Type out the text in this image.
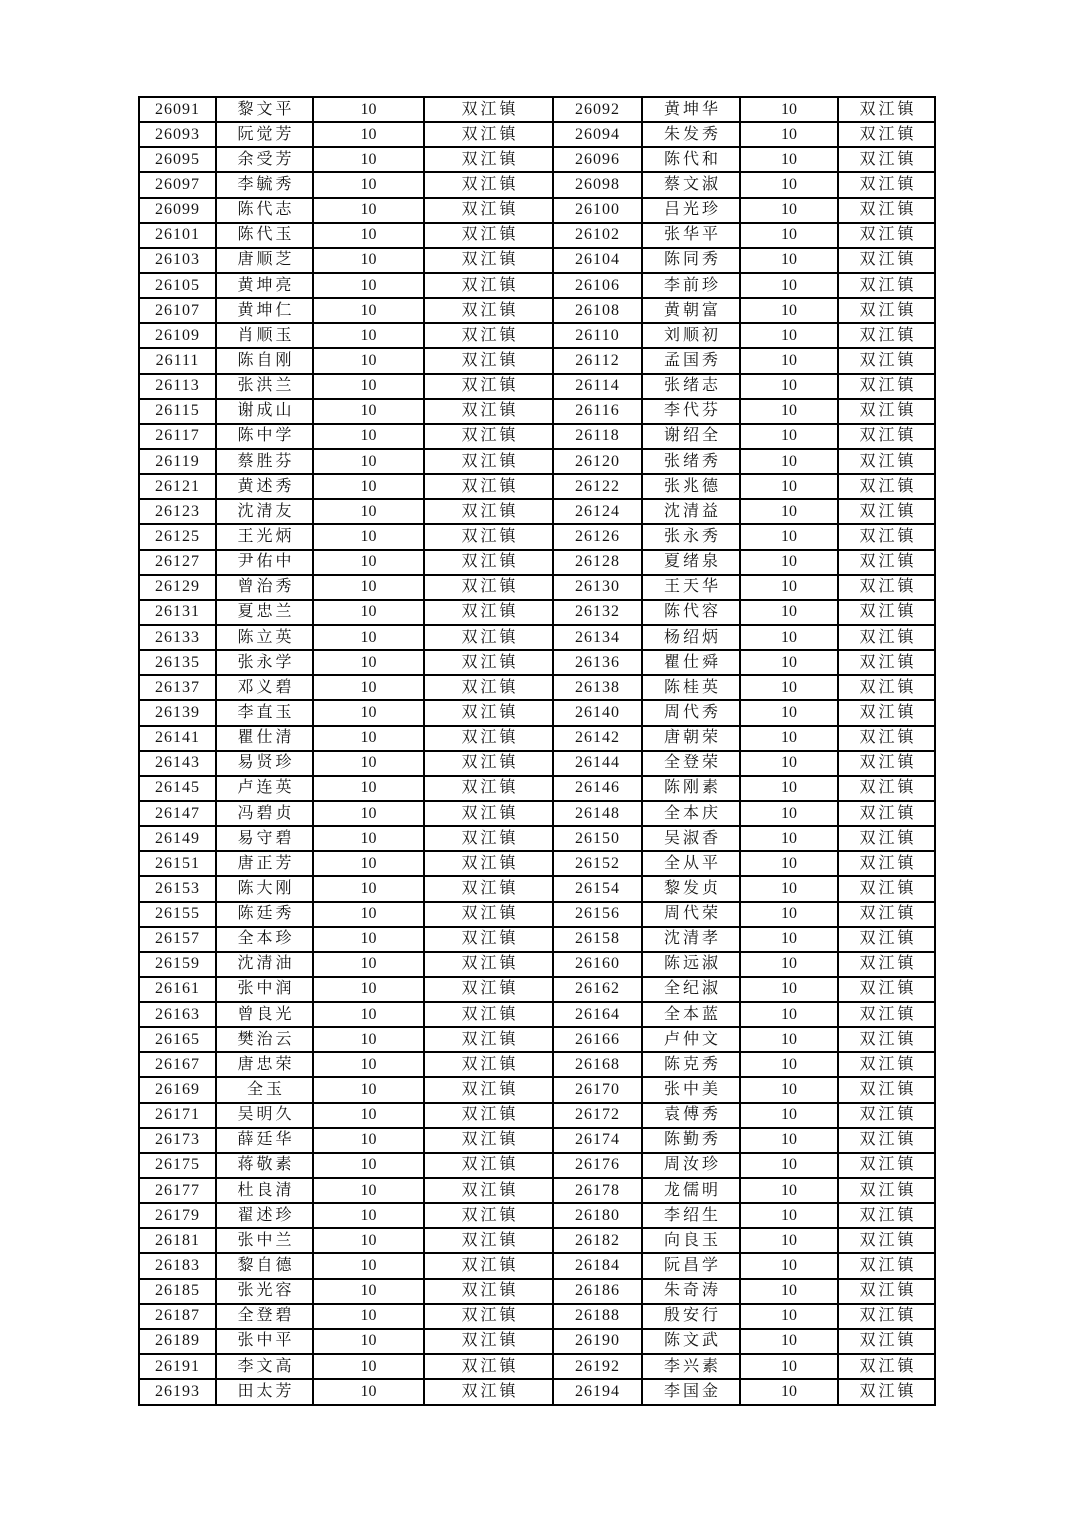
26091	黎文平	10	双江镇	26092	黄坤华	10	双江镇
26093	阮觉芳	10	双江镇	26094	朱发秀	10	双江镇
26095	余受芳	10	双江镇	26096	陈代和	10	双江镇
26097	李毓秀	10	双江镇	26098	蔡文淑	10	双江镇
26099	陈代志	10	双江镇	26100	吕光珍	10	双江镇
26101	陈代玉	10	双江镇	26102	张华平	10	双江镇
26103	唐顺芝	10	双江镇	26104	陈同秀	10	双江镇
26105	黄坤亮	10	双江镇	26106	李前珍	10	双江镇
26107	黄坤仁	10	双江镇	26108	黄朝富	10	双江镇
26109	肖顺玉	10	双江镇	26110	刘顺初	10	双江镇
26111	陈自刚	10	双江镇	26112	孟国秀	10	双江镇
26113	张洪兰	10	双江镇	26114	张绪志	10	双江镇
26115	谢成山	10	双江镇	26116	李代芬	10	双江镇
26117	陈中学	10	双江镇	26118	谢绍全	10	双江镇
26119	蔡胜芬	10	双江镇	26120	张绪秀	10	双江镇
26121	黄述秀	10	双江镇	26122	张兆德	10	双江镇
26123	沈清友	10	双江镇	26124	沈清益	10	双江镇
26125	王光炳	10	双江镇	26126	张永秀	10	双江镇
26127	尹佑中	10	双江镇	26128	夏绪泉	10	双江镇
26129	曾治秀	10	双江镇	26130	王天华	10	双江镇
26131	夏忠兰	10	双江镇	26132	陈代容	10	双江镇
26133	陈立英	10	双江镇	26134	杨绍炳	10	双江镇
26135	张永学	10	双江镇	26136	瞿仕舜	10	双江镇
26137	邓义碧	10	双江镇	26138	陈桂英	10	双江镇
26139	李直玉	10	双江镇	26140	周代秀	10	双江镇
26141	瞿仕清	10	双江镇	26142	唐朝荣	10	双江镇
26143	易贤珍	10	双江镇	26144	全登荣	10	双江镇
26145	卢连英	10	双江镇	26146	陈刚素	10	双江镇
26147	冯碧贞	10	双江镇	26148	全本庆	10	双江镇
26149	易守碧	10	双江镇	26150	吴淑香	10	双江镇
26151	唐正芳	10	双江镇	26152	全从平	10	双江镇
26153	陈大刚	10	双江镇	26154	黎发贞	10	双江镇
26155	陈廷秀	10	双江镇	26156	周代荣	10	双江镇
26157	全本珍	10	双江镇	26158	沈清孝	10	双江镇
26159	沈清油	10	双江镇	26160	陈远淑	10	双江镇
26161	张中润	10	双江镇	26162	全纪淑	10	双江镇
26163	曾良光	10	双江镇	26164	全本蓝	10	双江镇
26165	樊治云	10	双江镇	26166	卢仲文	10	双江镇
26167	唐忠荣	10	双江镇	26168	陈克秀	10	双江镇
26169	全玉	10	双江镇	26170	张中美	10	双江镇
26171	吴明久	10	双江镇	26172	袁傅秀	10	双江镇
26173	薛廷华	10	双江镇	26174	陈勤秀	10	双江镇
26175	蒋敬素	10	双江镇	26176	周汝珍	10	双江镇
26177	杜良清	10	双江镇	26178	龙儒明	10	双江镇
26179	翟述珍	10	双江镇	26180	李绍生	10	双江镇
26181	张中兰	10	双江镇	26182	向良玉	10	双江镇
26183	黎自德	10	双江镇	26184	阮昌学	10	双江镇
26185	张光容	10	双江镇	26186	朱奇涛	10	双江镇
26187	全登碧	10	双江镇	26188	殷安行	10	双江镇
26189	张中平	10	双江镇	26190	陈文武	10	双江镇
26191	李文高	10	双江镇	26192	李兴素	10	双江镇
26193	田太芳	10	双江镇	26194	李国金	10	双江镇
